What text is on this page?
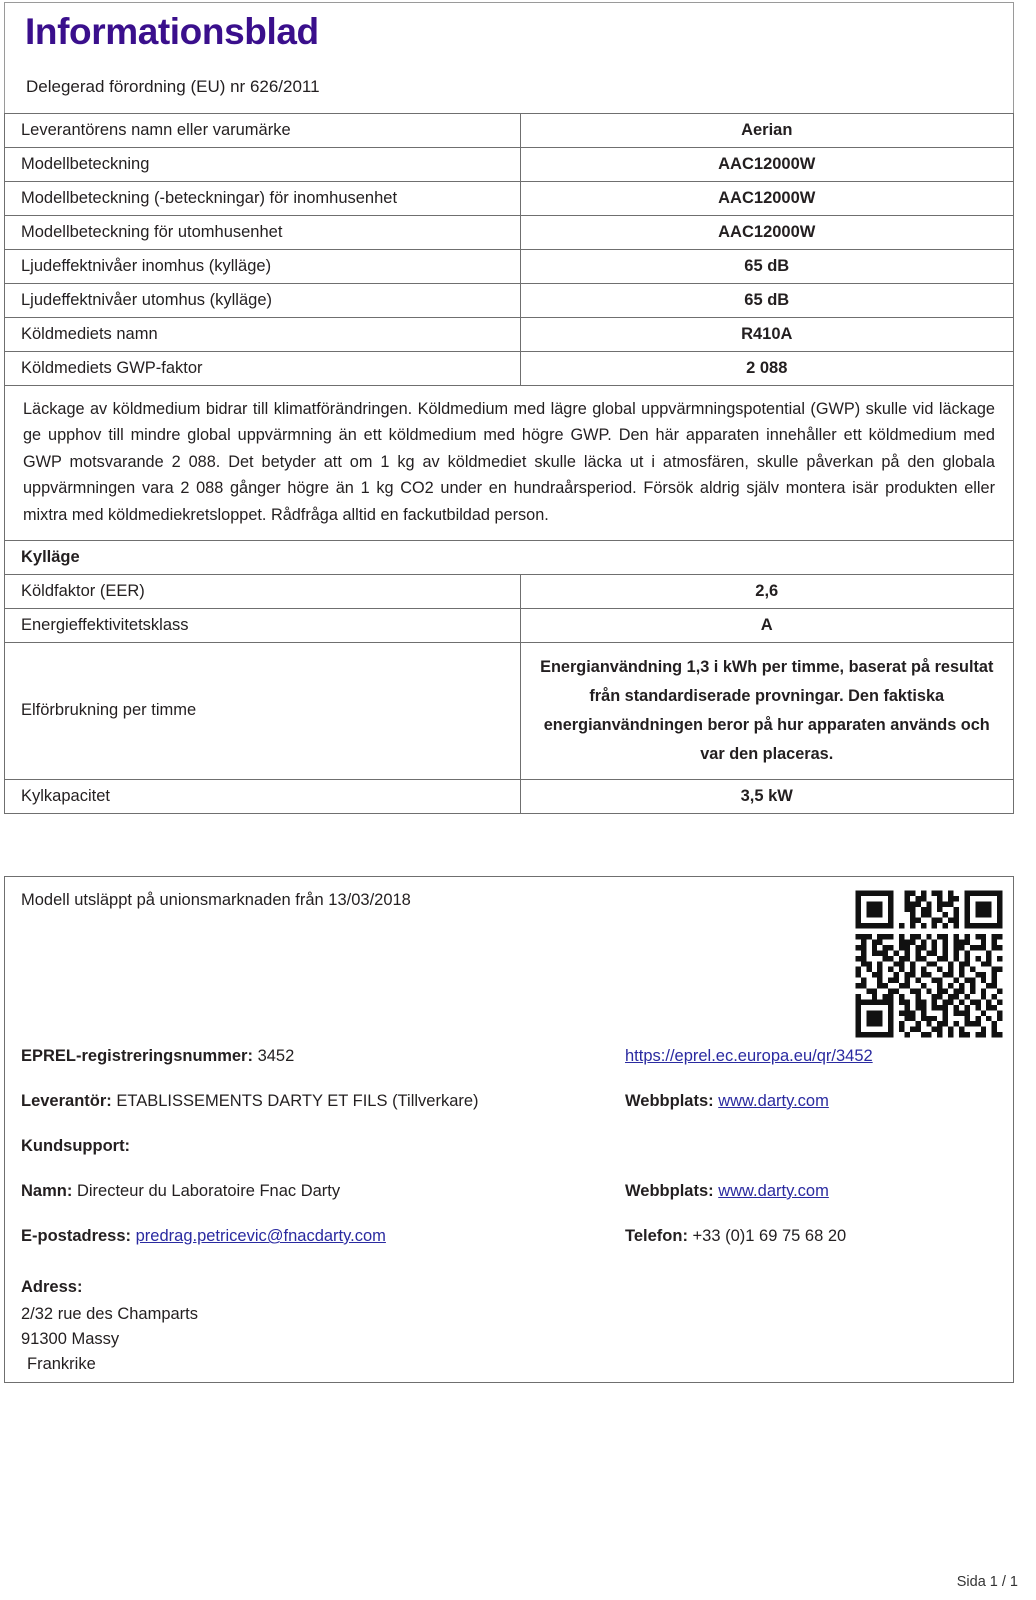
Informationsblad
Delegerad förordning (EU) nr 626/2011
Leverantörens namn eller varumärke	Aerian
Modellbeteckning	AAC12000W
Modellbeteckning (-beteckningar) för inomhusenhet	AAC12000W
Modellbeteckning för utomhusenhet	AAC12000W
Ljudeffektnivåer inomhus (kylläge)	65 dB
Ljudeffektnivåer utomhus (kylläge)	65 dB
Köldmediets namn	R410A
Köldmediets GWP-faktor	2 088
Läckage av köldmedium bidrar till klimatförändringen. Köldmedium med lägre global uppvärmningspotential (GWP) skulle vid läckage ge upphov till mindre global uppvärmning än ett köldmedium med högre GWP. Den här apparaten innehåller ett köldmedium med GWP motsvarande 2 088. Det betyder att om 1 kg av köldmediet skulle läcka ut i atmosfären, skulle påverkan på den globala uppvärmningen vara 2 088 gånger högre än 1 kg CO2 under en hundraårsperiod. Försök aldrig själv montera isär produkten eller mixtra med köldmediekretsloppet. Rådfråga alltid en fackutbildad person.	
Kylläge	
Köldfaktor (EER)	2,6
Energieffektivitetsklass	A
Elförbrukning per timme	Energianvändning 1,3 i kWh per timme, baserat på resultat från standardiserade provningar. Den faktiska energianvändningen beror på hur apparaten används och var den placeras.
Kylkapacitet	3,5 kW
Modell utsläppt på unionsmarknaden från 13/03/2018
EPREL-registreringsnummer: 3452	https://eprel.ec.europa.eu/qr/3452
Leverantör: ETABLISSEMENTS DARTY ET FILS (Tillverkare)	Webbplats: www.darty.com
Kundsupport:
Namn: Directeur du Laboratoire Fnac Darty	Webbplats: www.darty.com
E-postadress: predrag.petricevic@fnacdarty.com	Telefon: +33 (0)1 69 75 68 20
Adress:
2/32 rue des Champarts
91300 Massy
Frankrike
Sida 1 / 1
